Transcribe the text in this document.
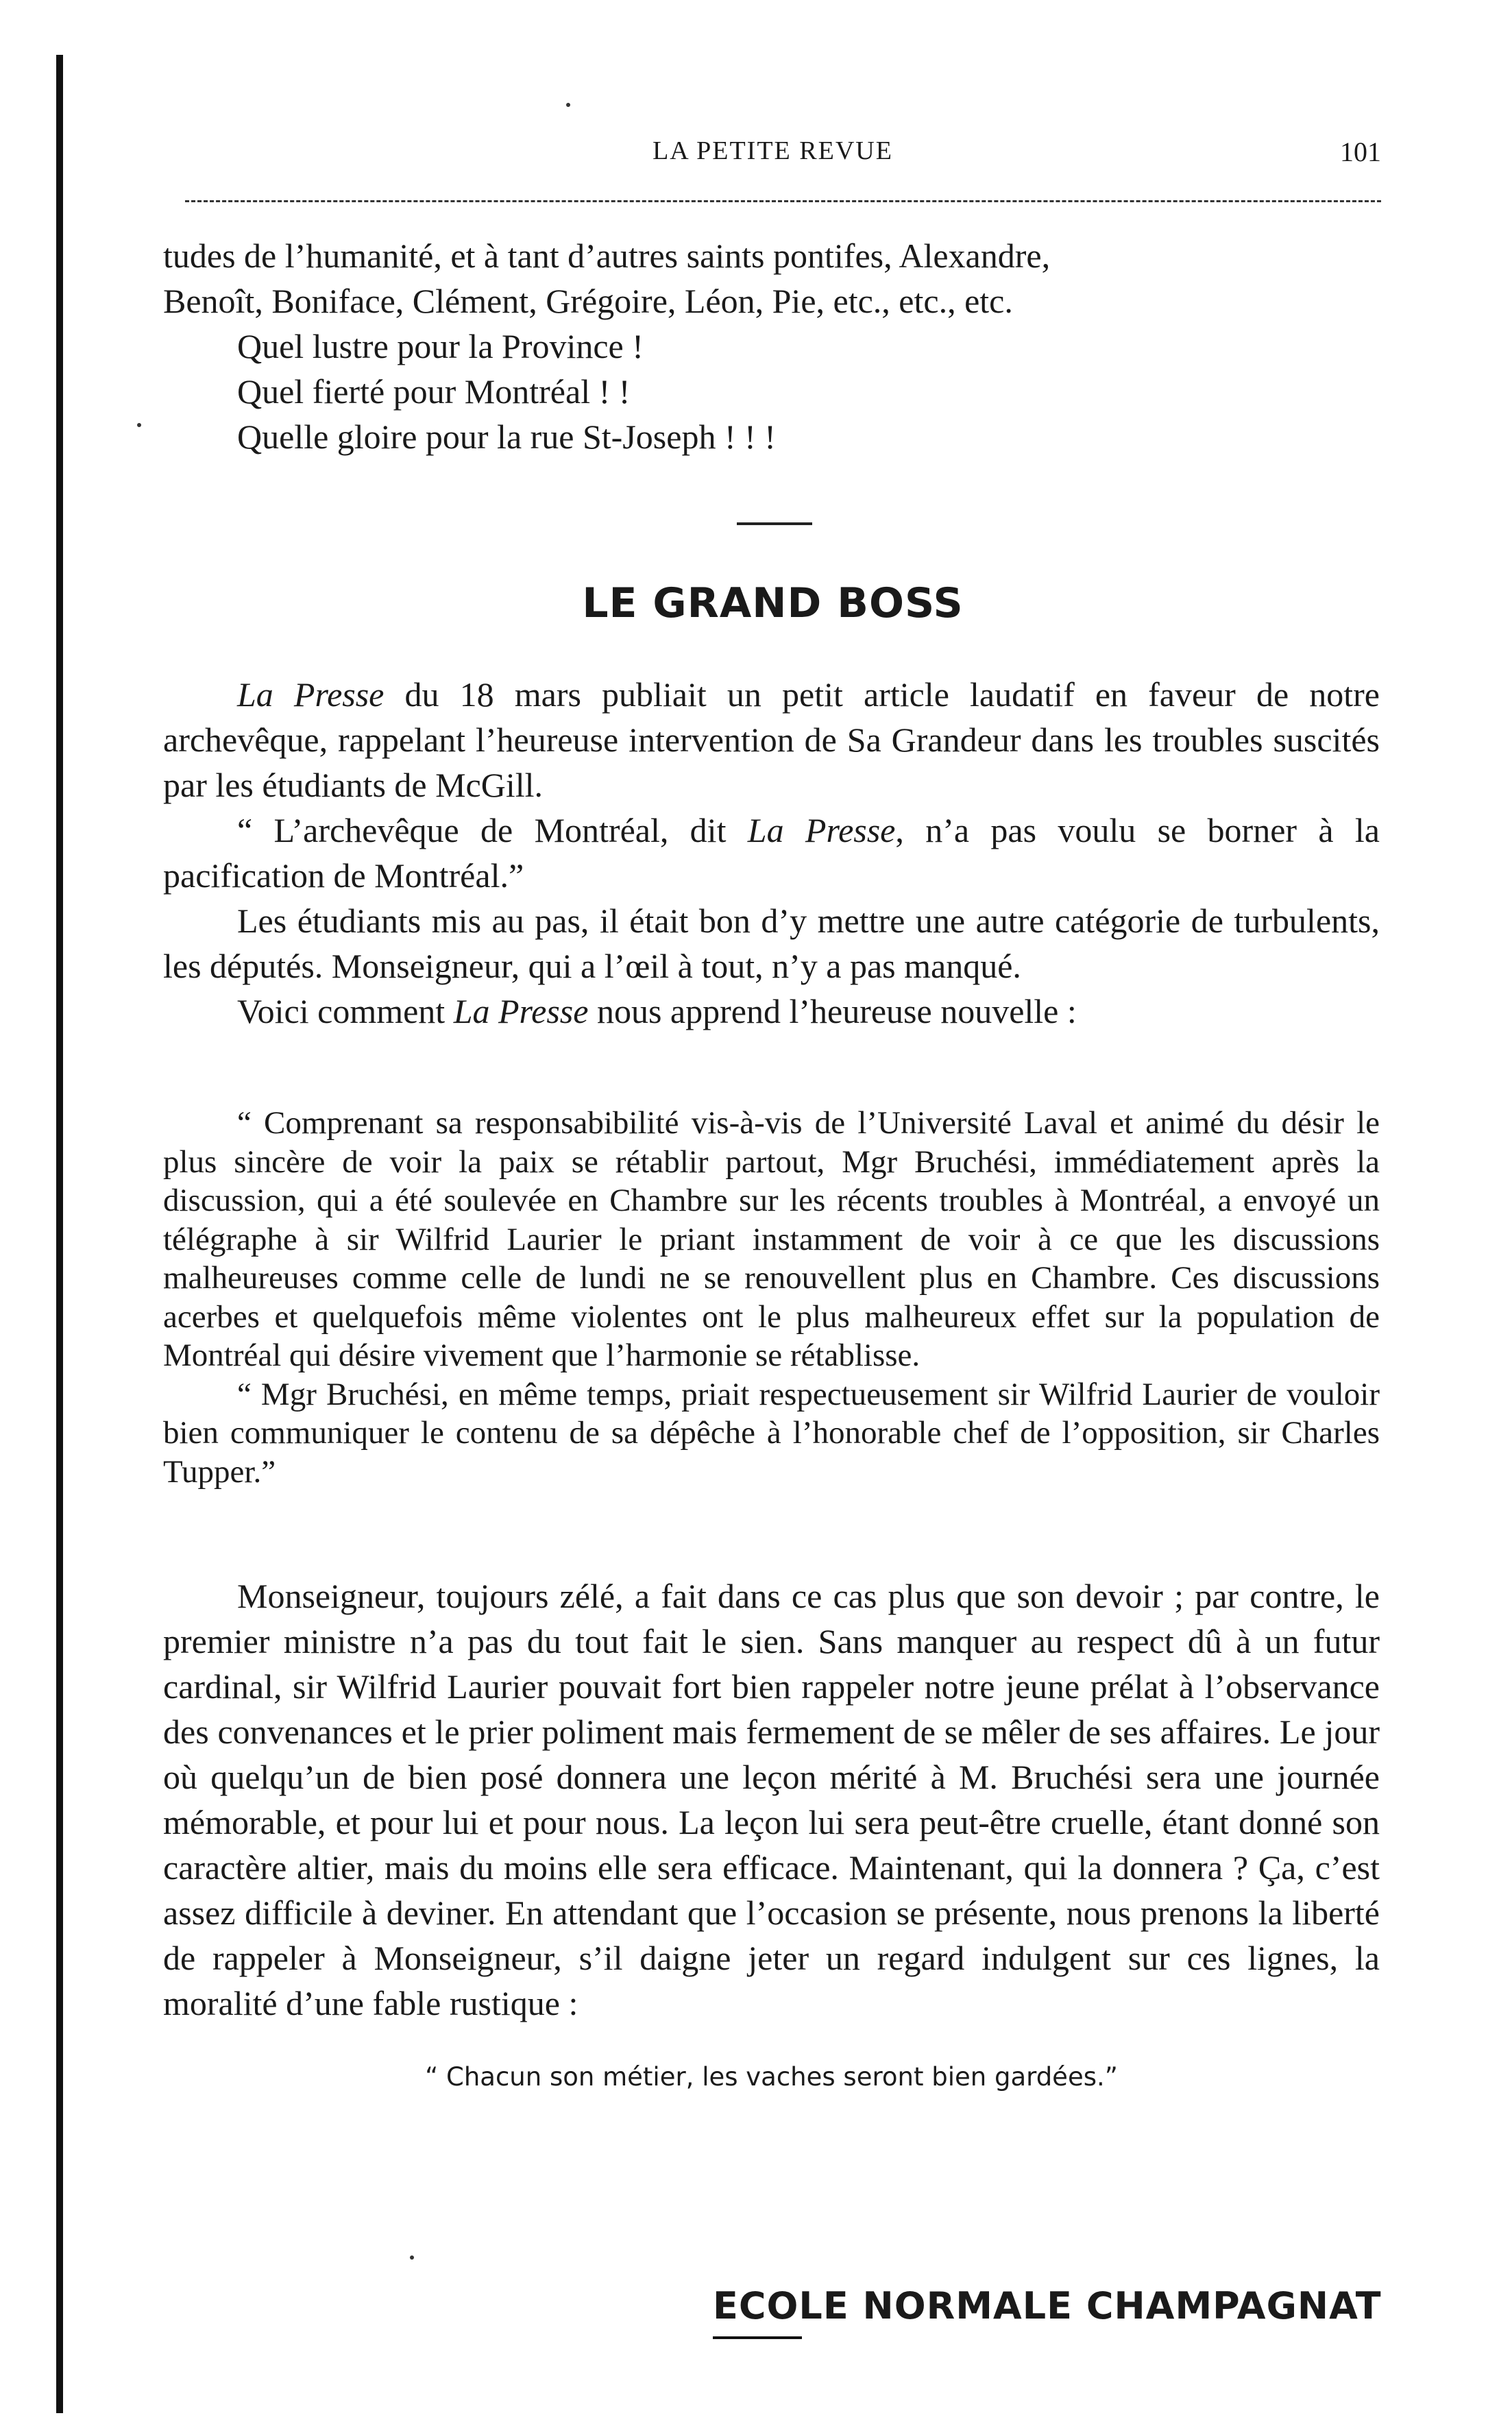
LA PETITE REVUE	101
tudes de l’humanité, et à tant d’autres saints pontifes, Alexandre,
Benoît, Boniface, Clément, Grégoire, Léon, Pie, etc., etc., etc.
Quel lustre pour la Province !
Quel fierté pour Montréal ! !
Quelle gloire pour la rue St-Joseph ! ! !
LE GRAND BOSS

La Presse du 18 mars publiait un petit article laudatif en faveur de notre archevêque, rappelant l’heureuse intervention de Sa Grandeur dans les troubles suscités par les étudiants de McGill.

“ L’archevêque de Montréal, dit La Presse, n’a pas voulu se borner à la pacification de Montréal.”

Les étudiants mis au pas, il était bon d’y mettre une autre catégorie de turbulents, les députés. Monseigneur, qui a l’œil à tout, n’y a pas manqué.

Voici comment La Presse nous apprend l’heureuse nouvelle :

“ Comprenant sa responsabibilité vis-à-vis de l’Université Laval et animé du désir le plus sincère de voir la paix se rétablir partout, Mgr Bruchési, immédiatement après la discussion, qui a été soulevée en Chambre sur les récents troubles à Montréal, a envoyé un télégraphe à sir Wilfrid Laurier le priant instamment de voir à ce que les discussions malheureuses comme celle de lundi ne se renouvellent plus en Chambre. Ces discussions acerbes et quelquefois même violentes ont le plus malheureux effet sur la population de Montréal qui désire vivement que l’harmonie se rétablisse.

“ Mgr Bruchési, en même temps, priait respectueusement sir Wilfrid Laurier de vouloir bien communiquer le contenu de sa dépêche à l’honorable chef de l’opposition, sir Charles Tupper.”

Monseigneur, toujours zélé, a fait dans ce cas plus que son devoir ; par contre, le premier ministre n’a pas du tout fait le sien. Sans manquer au respect dû à un futur cardinal, sir Wilfrid Laurier pouvait fort bien rappeler notre jeune prélat à l’observance des convenances et le prier poliment mais fermement de se mêler de ses affaires. Le jour où quelqu’un de bien posé donnera une leçon mérité à M. Bruchési sera une journée mémorable, et pour lui et pour nous. La leçon lui sera peut-être cruelle, étant donné son caractère altier, mais du moins elle sera efficace. Maintenant, qui la donnera ? Ça, c’est assez difficile à deviner. En attendant que l’occasion se présente, nous prenons la liberté de rappeler à Monseigneur, s’il daigne jeter un regard indulgent sur ces lignes, la moralité d’une fable rustique :

“ Chacun son métier, les vaches seront bien gardées.”
ECOLE NORMALE CHAMPAGNAT
